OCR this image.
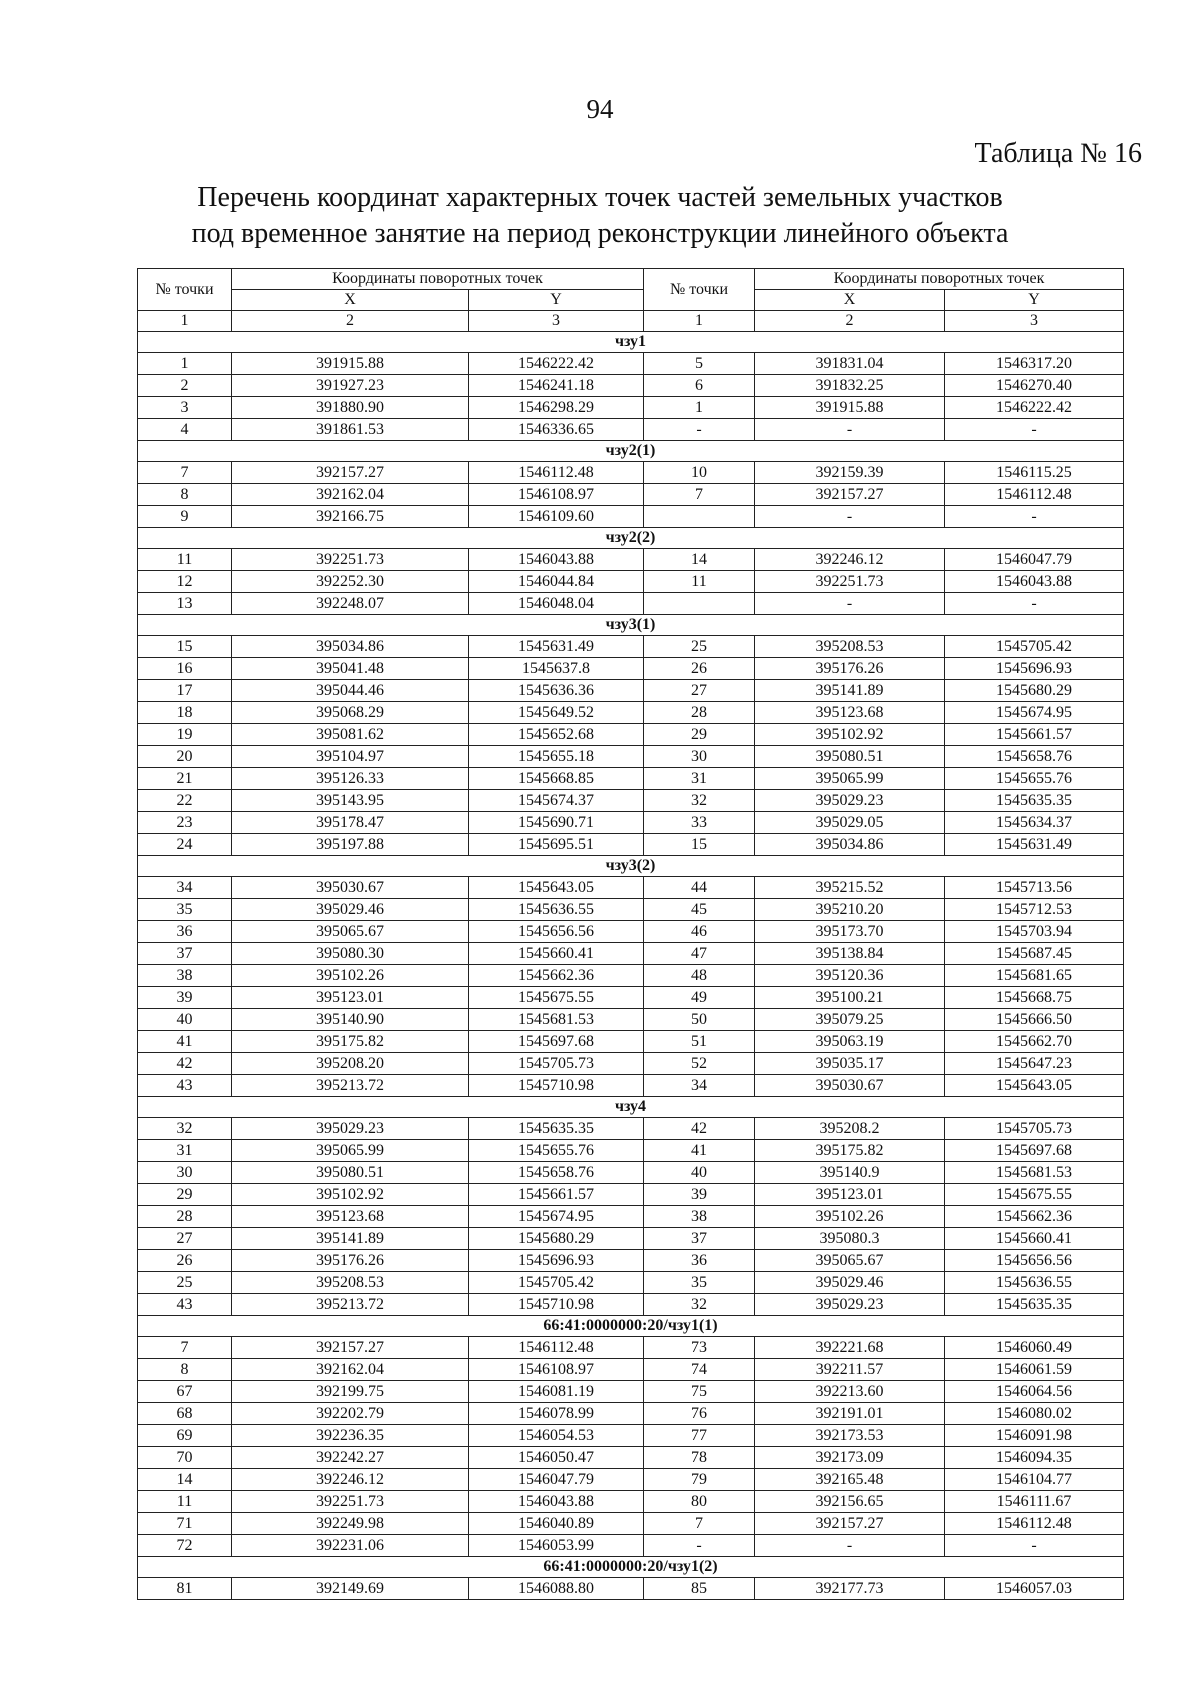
94
Таблица № 16
Перечень координат характерных точек частей земельных участков
под временное занятие на период реконструкции линейного объекта
№ точки	Координаты поворотных точек		№ точки	Координаты поворотных точек	
	X	Y		X	Y
1	2	3	1	2	3
чзу1					
1	391915.88	1546222.42	5	391831.04	1546317.20
2	391927.23	1546241.18	6	391832.25	1546270.40
3	391880.90	1546298.29	1	391915.88	1546222.42
4	391861.53	1546336.65	-	-	-
чзу2(1)					
7	392157.27	1546112.48	10	392159.39	1546115.25
8	392162.04	1546108.97	7	392157.27	1546112.48
9	392166.75	1546109.60		-	-
чзу2(2)					
11	392251.73	1546043.88	14	392246.12	1546047.79
12	392252.30	1546044.84	11	392251.73	1546043.88
13	392248.07	1546048.04		-	-
чзу3(1)					
15	395034.86	1545631.49	25	395208.53	1545705.42
16	395041.48	1545637.8	26	395176.26	1545696.93
17	395044.46	1545636.36	27	395141.89	1545680.29
18	395068.29	1545649.52	28	395123.68	1545674.95
19	395081.62	1545652.68	29	395102.92	1545661.57
20	395104.97	1545655.18	30	395080.51	1545658.76
21	395126.33	1545668.85	31	395065.99	1545655.76
22	395143.95	1545674.37	32	395029.23	1545635.35
23	395178.47	1545690.71	33	395029.05	1545634.37
24	395197.88	1545695.51	15	395034.86	1545631.49
чзу3(2)					
34	395030.67	1545643.05	44	395215.52	1545713.56
35	395029.46	1545636.55	45	395210.20	1545712.53
36	395065.67	1545656.56	46	395173.70	1545703.94
37	395080.30	1545660.41	47	395138.84	1545687.45
38	395102.26	1545662.36	48	395120.36	1545681.65
39	395123.01	1545675.55	49	395100.21	1545668.75
40	395140.90	1545681.53	50	395079.25	1545666.50
41	395175.82	1545697.68	51	395063.19	1545662.70
42	395208.20	1545705.73	52	395035.17	1545647.23
43	395213.72	1545710.98	34	395030.67	1545643.05
чзу4					
32	395029.23	1545635.35	42	395208.2	1545705.73
31	395065.99	1545655.76	41	395175.82	1545697.68
30	395080.51	1545658.76	40	395140.9	1545681.53
29	395102.92	1545661.57	39	395123.01	1545675.55
28	395123.68	1545674.95	38	395102.26	1545662.36
27	395141.89	1545680.29	37	395080.3	1545660.41
26	395176.26	1545696.93	36	395065.67	1545656.56
25	395208.53	1545705.42	35	395029.46	1545636.55
43	395213.72	1545710.98	32	395029.23	1545635.35
66:41:0000000:20/чзу1(1)					
7	392157.27	1546112.48	73	392221.68	1546060.49
8	392162.04	1546108.97	74	392211.57	1546061.59
67	392199.75	1546081.19	75	392213.60	1546064.56
68	392202.79	1546078.99	76	392191.01	1546080.02
69	392236.35	1546054.53	77	392173.53	1546091.98
70	392242.27	1546050.47	78	392173.09	1546094.35
14	392246.12	1546047.79	79	392165.48	1546104.77
11	392251.73	1546043.88	80	392156.65	1546111.67
71	392249.98	1546040.89	7	392157.27	1546112.48
72	392231.06	1546053.99	-	-	-
66:41:0000000:20/чзу1(2)					
81	392149.69	1546088.80	85	392177.73	1546057.03
